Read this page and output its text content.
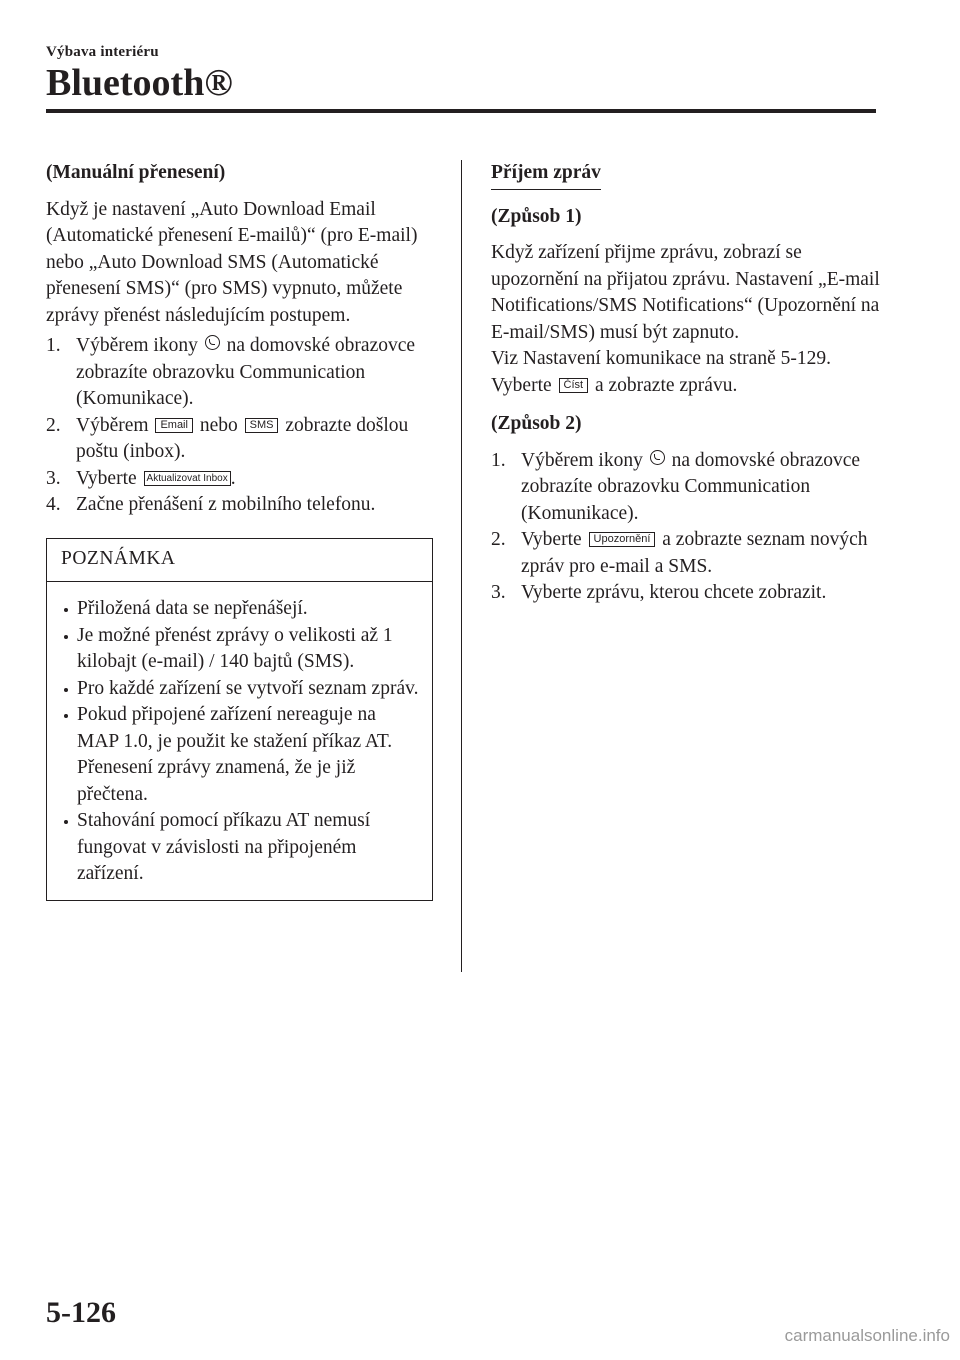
Výbava interiéru
Bluetooth®
(Manuální přenesení)

Když je nastavení „Auto Download Email (Automatické přenesení E-mailů)“ (pro E-mail) nebo „Auto Download SMS (Automatické přenesení SMS)“ (pro SMS) vypnuto, můžete zprávy přenést následujícím postupem.

1. Výběrem ikony na domovské obrazovce zobrazíte obrazovku Communication (Komunikace).
2. Výběrem Email nebo SMS zobrazte došlou poštu (inbox).
3. Vyberte Aktualizovat Inbox .
4. Začne přenášení z mobilního telefonu.
POZNÁMKA
Přiložená data se nepřenášejí.
Je možné přenést zprávy o velikosti až 1 kilobajt (e-mail) / 140 bajtů (SMS).
Pro každé zařízení se vytvoří seznam zpráv.
Pokud připojené zařízení nereaguje na MAP 1.0, je použit ke stažení příkaz AT. Přenesení zprávy znamená, že je již přečtena.
Stahování pomocí příkazu AT nemusí fungovat v závislosti na připojeném zařízení.
Příjem zpráv
(Způsob 1)
Když zařízení přijme zprávu, zobrazí se upozornění na přijatou zprávu. Nastavení „E-mail Notifications/SMS Notifications“ (Upozornění na E-mail/SMS) musí být zapnuto.
Viz Nastavení komunikace na straně 5-129.

Vyberte Číst a zobrazte zprávu.

(Způsob 2)
1. Výběrem ikony na domovské obrazovce zobrazíte obrazovku Communication (Komunikace).
2. Vyberte Upozornění a zobrazte seznam nových zpráv pro e-mail a SMS.
3. Vyberte zprávu, kterou chcete zobrazit.
5-126
carmanualsonline.info
